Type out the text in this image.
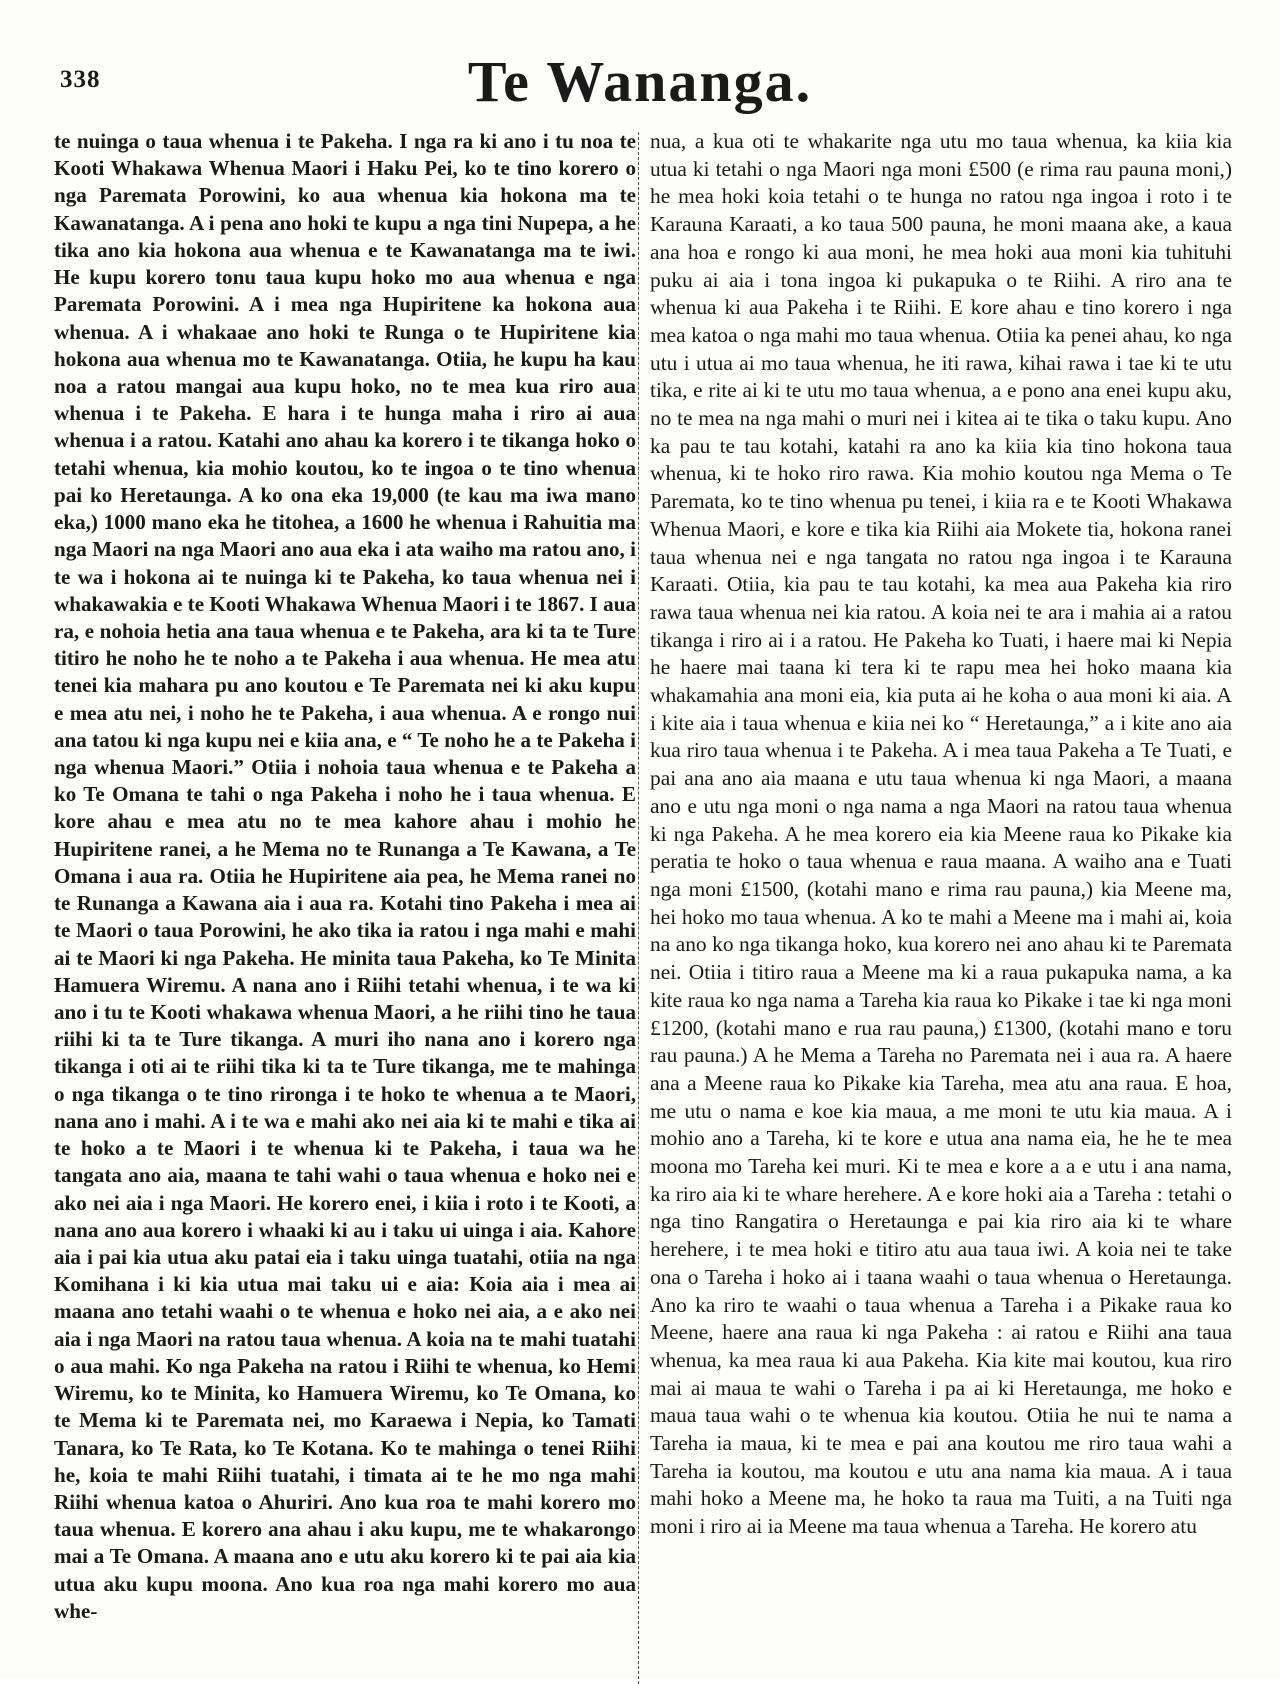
338	Te Wananga.

te nuinga o taua whenua i te Pakeha. I nga ra ki ano i tu noa te Kooti Whakawa Whenua Maori i Haku Pei, ko te tino korero o nga Paremata Porowini, ko aua whenua kia hokona ma te Kawanatanga. A i pena ano hoki te kupu a nga tini Nupepa, a he tika ano kia hokona aua whenua e te Kawanatanga ma te iwi. He kupu korero tonu taua kupu hoko mo aua whenua e nga Paremata Porowini. A i mea nga Hupiritene ka hokona aua whenua. A i whakaae ano hoki te Runga o te Hupiritene kia hokona aua whenua mo te Kawanatanga. Otiia, he kupu ha kau noa a ratou mangai aua kupu hoko, no te mea kua riro aua whenua i te Pakeha. E hara i te hunga maha i riro ai aua whenua i a ratou. Katahi ano ahau ka korero i te tikanga hoko o tetahi whenua, kia mohio koutou, ko te ingoa o te tino whenua pai ko Heretaunga. A ko ona eka 19,000 (te kau ma iwa mano eka,) 1000 mano eka he titohea, a 1600 he whenua i Rahuitia ma nga Maori na nga Maori ano aua eka i ata waiho ma ratou ano, i te wa i hokona ai te nuinga ki te Pakeha, ko taua whenua nei i whakawakia e te Kooti Whakawa Whenua Maori i te 1867. I aua ra, e nohoia hetia ana taua whenua e te Pakeha, ara ki ta te Ture titiro he noho he te noho a te Pakeha i aua whenua. He mea atu tenei kia mahara pu ano koutou e Te Paremata nei ki aku kupu e mea atu nei, i noho he te Pakeha, i aua whenua. A e rongo nui ana tatou ki nga kupu nei e kiia ana, e “ Te noho he a te Pakeha i nga whenua Maori.” Otiia i nohoia taua whenua e te Pakeha a ko Te Omana te tahi o nga Pakeha i noho he i taua whenua. E kore ahau e mea atu no te mea kahore ahau i mohio he Hupiritene ranei, a he Mema no te Runanga a Te Kawana, a Te Omana i aua ra. Otiia he Hupiritene aia pea, he Mema ranei no te Runanga a Kawana aia i aua ra. Kotahi tino Pakeha i mea ai te Maori o taua Porowini, he ako tika ia ratou i nga mahi e mahi ai te Maori ki nga Pakeha. He minita taua Pakeha, ko Te Minita Hamuera Wiremu. A nana ano i Riihi tetahi whenua, i te wa ki ano i tu te Kooti whakawa whenua Maori, a he riihi tino he taua riihi ki ta te Ture tikanga. A muri iho nana ano i korero nga tikanga i oti ai te riihi tika ki ta te Ture tikanga, me te mahinga o nga tikanga o te tino rironga i te hoko te whenua a te Maori, nana ano i mahi. A i te wa e mahi ako nei aia ki te mahi e tika ai te hoko a te Maori i te whenua ki te Pakeha, i taua wa he tangata ano aia, maana te tahi wahi o taua whenua e hoko nei e ako nei aia i nga Maori. He korero enei, i kiia i roto i te Kooti, a nana ano aua korero i whaaki ki au i taku ui uinga i aia. Kahore aia i pai kia utua aku patai eia i taku uinga tuatahi, otiia na nga Komihana i ki kia utua mai taku ui e aia: Koia aia i mea ai maana ano tetahi waahi o te whenua e hoko nei aia, a e ako nei aia i nga Maori na ratou taua whenua. A koia na te mahi tuatahi o aua mahi. Ko nga Pakeha na ratou i Riihi te whenua, ko Hemi Wiremu, ko te Minita, ko Hamuera Wiremu, ko Te Omana, ko te Mema ki te Paremata nei, mo Karaewa i Nepia, ko Tamati Tanara, ko Te Rata, ko Te Kotana. Ko te mahinga o tenei Riihi he, koia te mahi Riihi tuatahi, i timata ai te he mo nga mahi Riihi whenua katoa o Ahuriri. Ano kua roa te mahi korero mo taua whenua. E korero ana ahau i aku kupu, me te whakarongo mai a Te Omana. A maana ano e utu aku korero ki te pai aia kia utua aku kupu moona. Ano kua roa nga mahi korero mo aua whe-

nua, a kua oti te whakarite nga utu mo taua whenua, ka kiia kia utua ki tetahi o nga Maori nga moni £500 (e rima rau pauna moni,) he mea hoki koia tetahi o te hunga no ratou nga ingoa i roto i te Karauna Karaati, a ko taua 500 pauna, he moni maana ake, a kaua ana hoa e rongo ki aua moni, he mea hoki aua moni kia tuhituhi puku ai aia i tona ingoa ki pukapuka o te Riihi. A riro ana te whenua ki aua Pakeha i te Riihi. E kore ahau e tino korero i nga mea katoa o nga mahi mo taua whenua. Otiia ka penei ahau, ko nga utu i utua ai mo taua whenua, he iti rawa, kihai rawa i tae ki te utu tika, e rite ai ki te utu mo taua whenua, a e pono ana enei kupu aku, no te mea na nga mahi o muri nei i kitea ai te tika o taku kupu. Ano ka pau te tau kotahi, katahi ra ano ka kiia kia tino hokona taua whenua, ki te hoko riro rawa. Kia mohio koutou nga Mema o Te Paremata, ko te tino whenua pu tenei, i kiia ra e te Kooti Whakawa Whenua Maori, e kore e tika kia Riihi aia Mokete tia, hokona ranei taua whenua nei e nga tangata no ratou nga ingoa i te Karauna Karaati. Otiia, kia pau te tau kotahi, ka mea aua Pakeha kia riro rawa taua whenua nei kia ratou. A koia nei te ara i mahia ai a ratou tikanga i riro ai i a ratou. He Pakeha ko Tuati, i haere mai ki Nepia he haere mai taana ki tera ki te rapu mea hei hoko maana kia whakamahia ana moni eia, kia puta ai he koha o aua moni ki aia. A i kite aia i taua whenua e kiia nei ko “ Heretaunga,” a i kite ano aia kua riro taua whenua i te Pakeha. A i mea taua Pakeha a Te Tuati, e pai ana ano aia maana e utu taua whenua ki nga Maori, a maana ano e utu nga moni o nga nama a nga Maori na ratou taua whenua ki nga Pakeha. A he mea korero eia kia Meene raua ko Pikake kia peratia te hoko o taua whenua e raua maana. A waiho ana e Tuati nga moni £1500, (kotahi mano e rima rau pauna,) kia Meene ma, hei hoko mo taua whenua. A ko te mahi a Meene ma i mahi ai, koia na ano ko nga tikanga hoko, kua korero nei ano ahau ki te Paremata nei. Otiia i titiro raua a Meene ma ki a raua pukapuka nama, a ka kite raua ko nga nama a Tareha kia raua ko Pikake i tae ki nga moni £1200, (kotahi mano e rua rau pauna,) £1300, (kotahi mano e toru rau pauna.) A he Mema a Tareha no Paremata nei i aua ra. A haere ana a Meene raua ko Pikake kia Tareha, mea atu ana raua. E hoa, me utu o nama e koe kia maua, a me moni te utu kia maua. A i mohio ano a Tareha, ki te kore e utua ana nama eia, he he te mea moona mo Tareha kei muri. Ki te mea e kore a a e utu i ana nama, ka riro aia ki te whare herehere. A e kore hoki aia a Tareha : tetahi o nga tino Rangatira o Heretaunga e pai kia riro aia ki te whare herehere, i te mea hoki e titiro atu aua taua iwi. A koia nei te take ona o Tareha i hoko ai i taana waahi o taua whenua o Heretaunga. Ano ka riro te waahi o taua whenua a Tareha i a Pikake raua ko Meene, haere ana raua ki nga Pakeha : ai ratou e Riihi ana taua whenua, ka mea raua ki aua Pakeha. Kia kite mai koutou, kua riro mai ai maua te wahi o Tareha i pa ai ki Heretaunga, me hoko e maua taua wahi o te whenua kia koutou. Otiia he nui te nama a Tareha ia maua, ki te mea e pai ana koutou me riro taua wahi a Tareha ia koutou, ma koutou e utu ana nama kia maua. A i taua mahi hoko a Meene ma, he hoko ta raua ma Tuiti, a na Tuiti nga moni i riro ai ia Meene ma taua whenua a Tareha. He korero atu
